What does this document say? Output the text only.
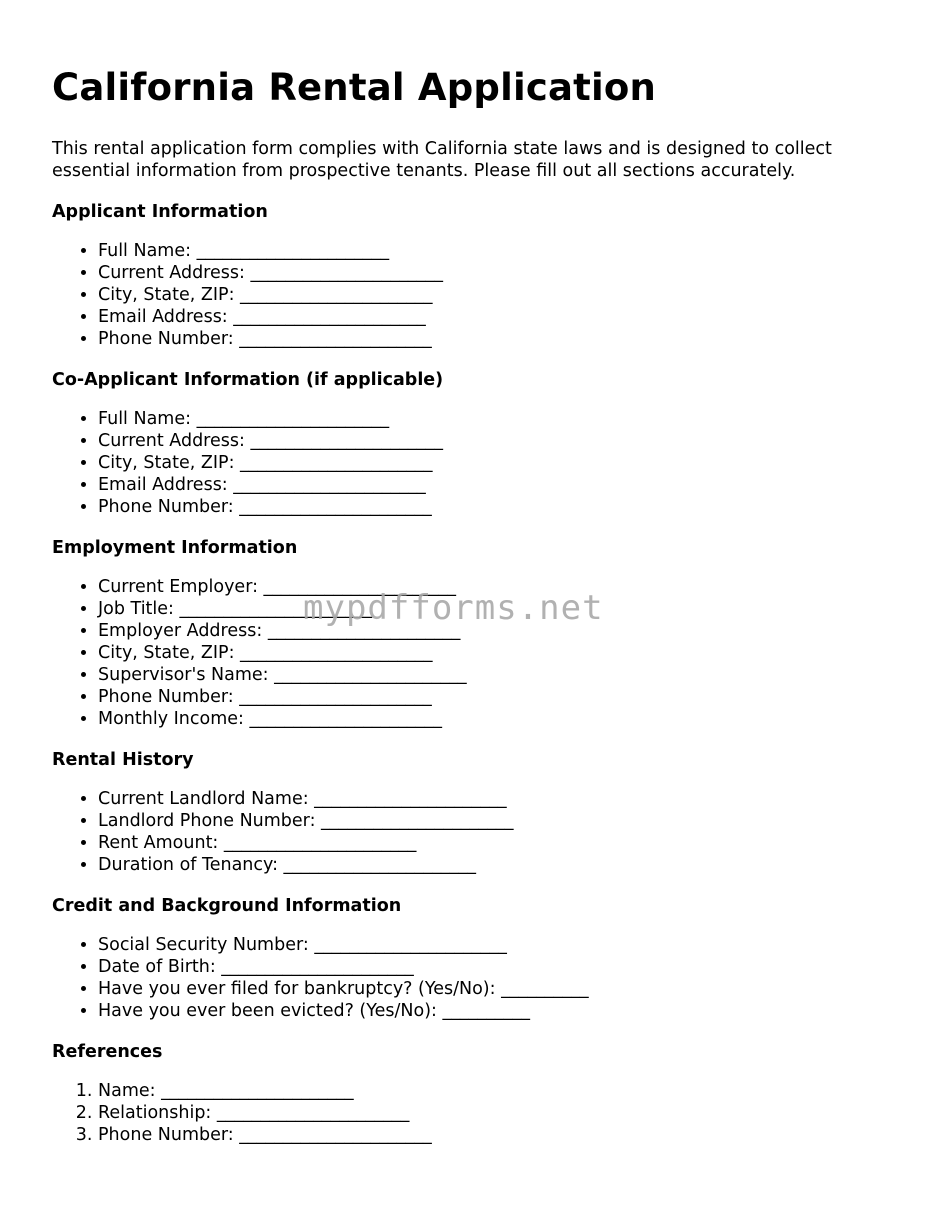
California Rental Application

This rental application form complies with California state laws and is designed to collect essential information from prospective tenants. Please fill out all sections accurately.

Applicant Information
• Full Name: ______________________
• Current Address: ______________________
• City, State, ZIP: ______________________
• Email Address: ______________________
• Phone Number: ______________________
Co-Applicant Information (if applicable)
• Full Name: ______________________
• Current Address: ______________________
• City, State, ZIP: ______________________
• Email Address: ______________________
• Phone Number: ______________________
Employment Information
• Current Employer: ______________________
• Job Title: ______________________
• Employer Address: ______________________
• City, State, ZIP: ______________________
• Supervisor's Name: ______________________
• Phone Number: ______________________
• Monthly Income: ______________________
Rental History
• Current Landlord Name: ______________________
• Landlord Phone Number: ______________________
• Rent Amount: ______________________
• Duration of Tenancy: ______________________
Credit and Background Information
• Social Security Number: ______________________
• Date of Birth: ______________________
• Have you ever filed for bankruptcy? (Yes/No): __________
• Have you ever been evicted? (Yes/No): __________
References
1. Name: ______________________
2. Relationship: ______________________
3. Phone Number: ______________________
mypdfforms.net
